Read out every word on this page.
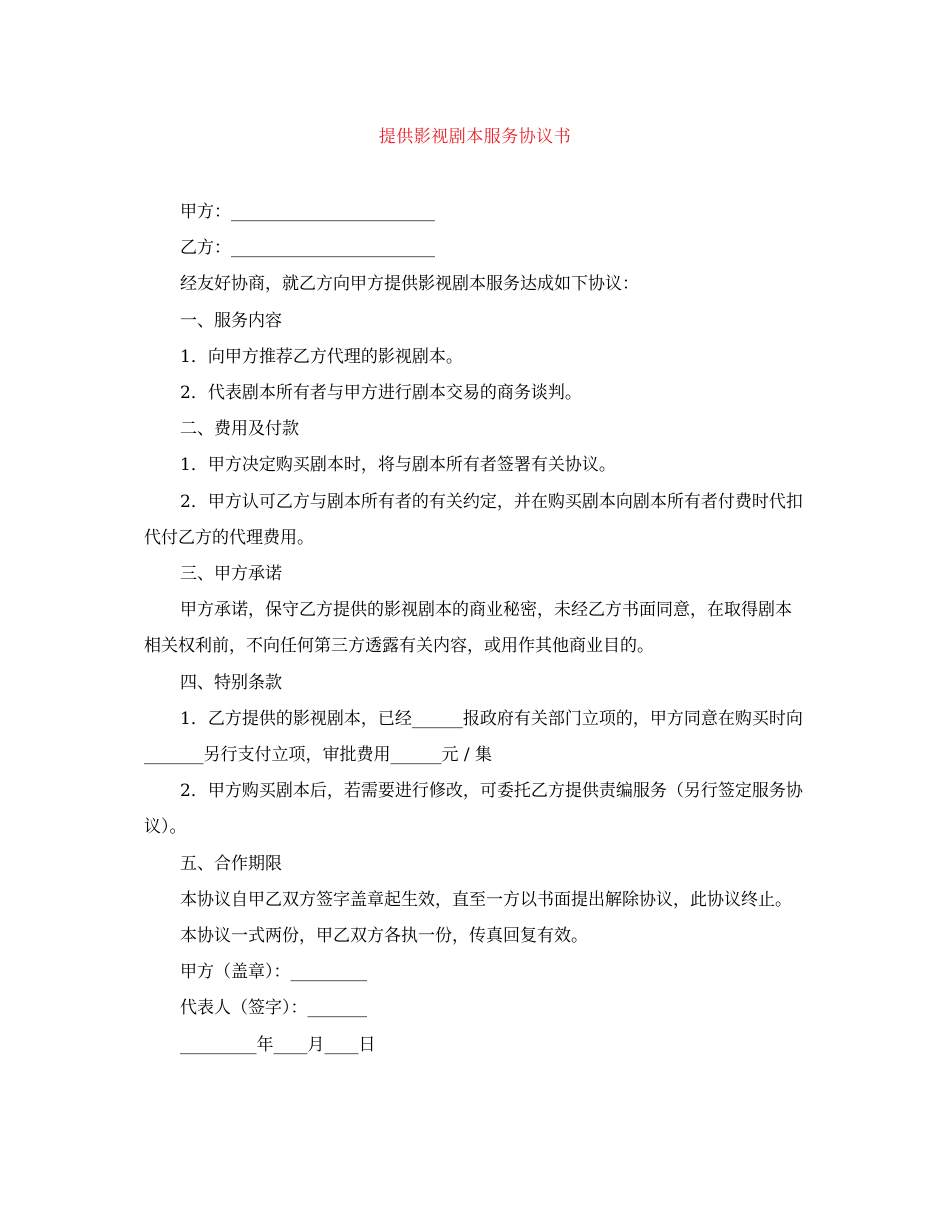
提供影视剧本服务协议书

甲方：________________________

乙方：________________________

经友好协商，就乙方向甲方提供影视剧本服务达成如下协议：

一、服务内容

1．向甲方推荐乙方代理的影视剧本。

2．代表剧本所有者与甲方进行剧本交易的商务谈判。

二、费用及付款

1．甲方决定购买剧本时，将与剧本所有者签署有关协议。

2．甲方认可乙方与剧本所有者的有关约定，并在购买剧本向剧本所有者付费时代扣代付乙方的代理费用。

三、甲方承诺

甲方承诺，保守乙方提供的影视剧本的商业秘密，未经乙方书面同意，在取得剧本相关权利前，不向任何第三方透露有关内容，或用作其他商业目的。

四、特别条款

1．乙方提供的影视剧本，已经______报政府有关部门立项的，甲方同意在购买时向_______另行支付立项，审批费用______元 / 集

2．甲方购买剧本后，若需要进行修改，可委托乙方提供责编服务（另行签定服务协议）。

五、合作期限

本协议自甲乙双方签字盖章起生效，直至一方以书面提出解除协议，此协议终止。

本协议一式两份，甲乙双方各执一份，传真回复有效。

甲方（盖章）：_________

代表人（签字）：_______

_________年____月____日
